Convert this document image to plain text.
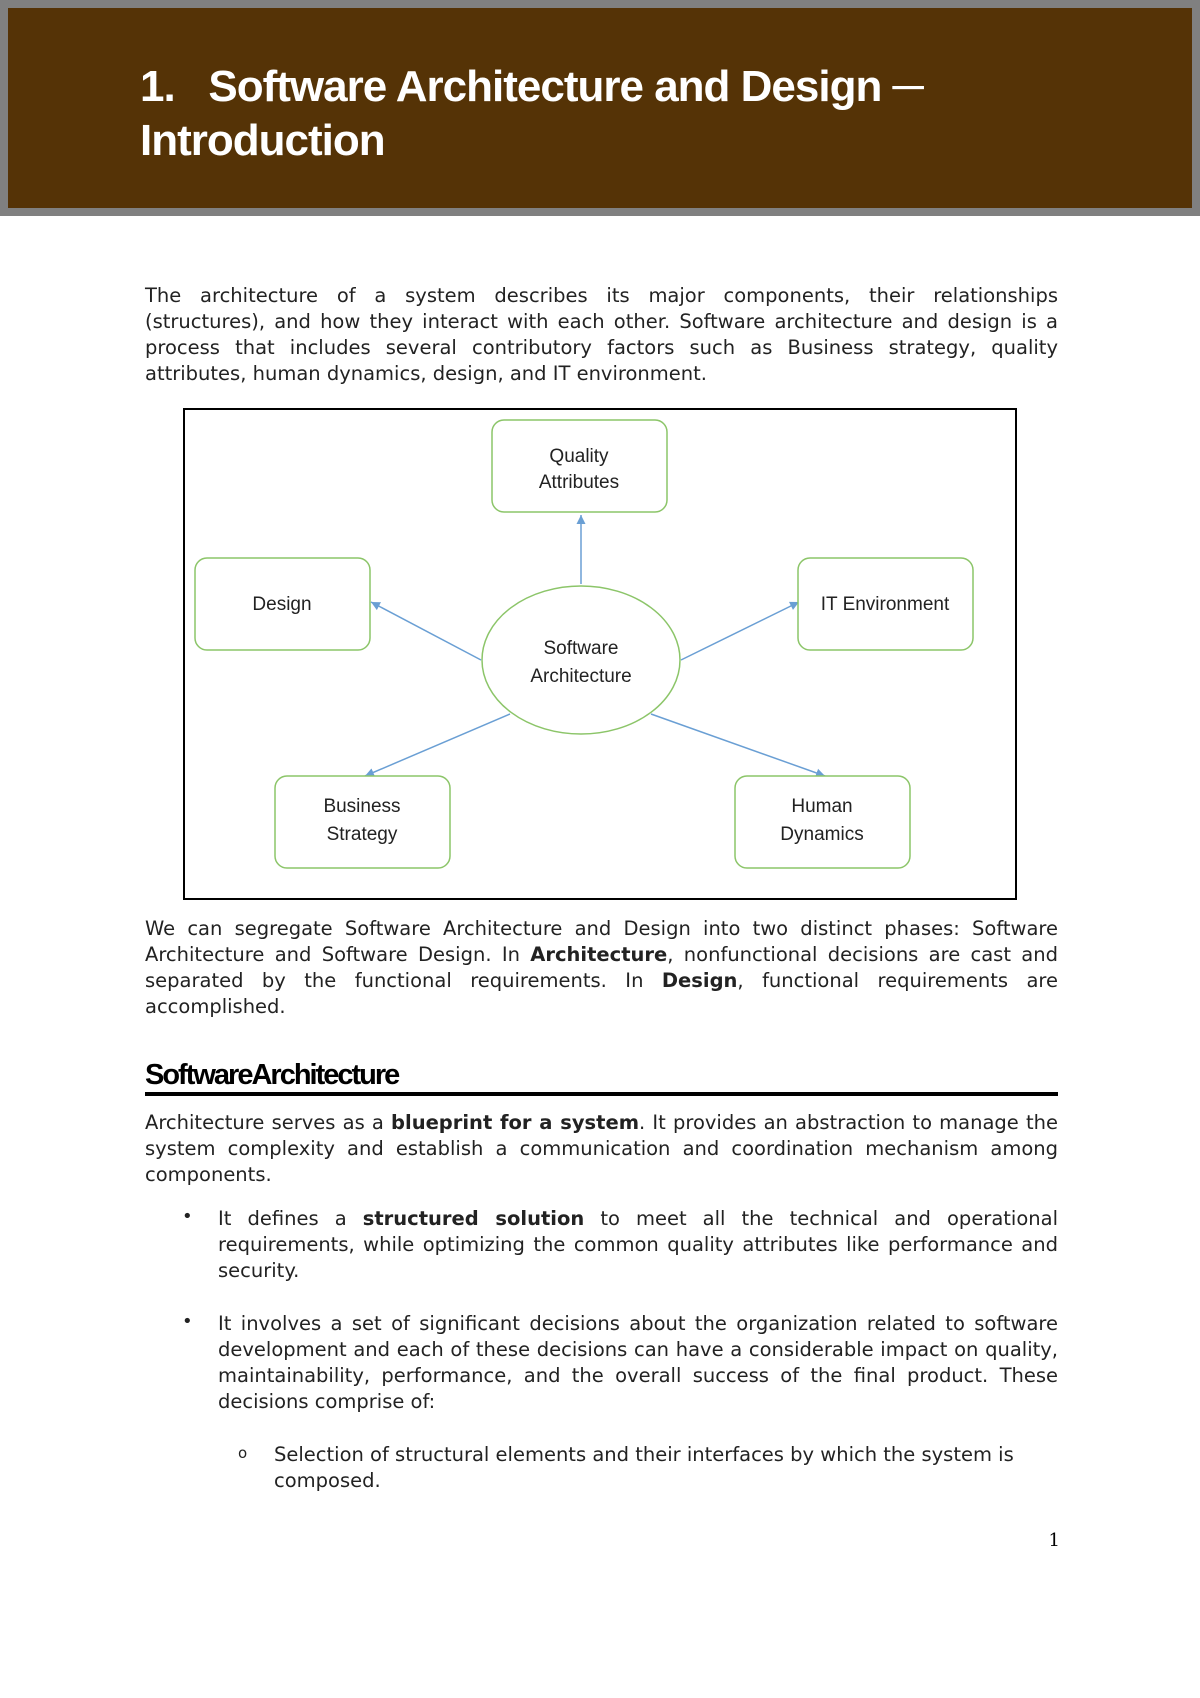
1.   Software Architecture and Design ─
Introduction

The architecture of a system describes its major components, their relationships (structures), and how they interact with each other. Software architecture and design is a process that includes several contributory factors such as Business strategy, quality attributes, human dynamics, design, and IT environment.

Software
Architecture
Quality
Attributes
Design	IT Environment
Business
Strategy
Human
Dynamics

We can segregate Software Architecture and Design into two distinct phases: Software Architecture and Software Design. In Architecture, nonfunctional decisions are cast and separated by the functional requirements. In Design, functional requirements are accomplished.

SoftwareArchitecture

Architecture serves as a blueprint for a system. It provides an abstraction to manage the system complexity and establish a communication and coordination mechanism among components.

• It defines a structured solution to meet all the technical and operational requirements, while optimizing the common quality attributes like performance and security.

• It involves a set of significant decisions about the organization related to software development and each of these decisions can have a considerable impact on quality, maintainability, performance, and the overall success of the final product. These decisions comprise of:

o Selection of structural elements and their interfaces by which the system is composed.

1
